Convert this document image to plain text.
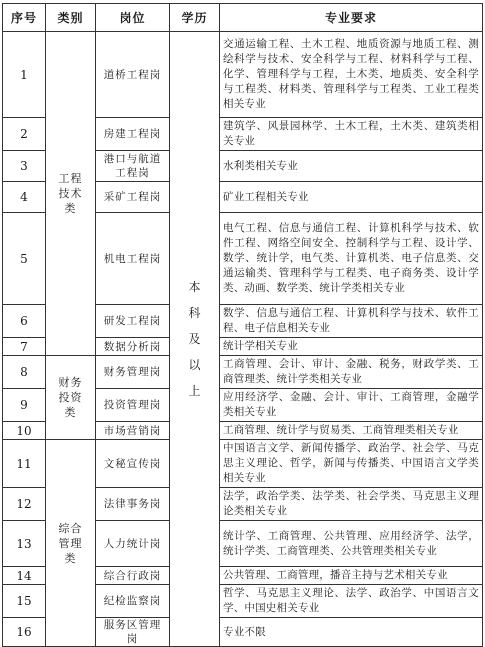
序号	类别	岗位	学历	专业要求
1	工程技术类	道桥工程岗	本科及以上	交通运输工程、土木工程、地质资源与地质工程、测绘科学与技术、安全科学与工程、材料科学与工程、化学、管理科学与工程，土木类、地质类、安全科学与工程类、材料类、管理科学与工程类、工业工程类相关专业
2		房建工程岗		建筑学、风景园林学、土木工程，土木类、建筑类相关专业
3		港口与航道工程岗		水利类相关专业
4		采矿工程岗		矿业工程相关专业
5		机电工程岗		电气工程、信息与通信工程、计算机科学与技术、软件工程、网络空间安全、控制科学与工程、设计学、数学、统计学，电气类、计算机类、电子信息类、交通运输类、管理科学与工程类、电子商务类、设计学类、动画、数学类、统计学类相关专业
6		研发工程岗		数学、信息与通信工程、计算机科学与技术、软件工程、电子信息相关专业
7		数据分析岗		统计学相关专业
8	财务投资类	财务管理岗		工商管理、会计、审计、金融、税务，财政学类、工商管理类、统计学类相关专业
9		投资管理岗		应用经济学、金融、会计、审计、工商管理，金融学类相关专业
10		市场营销岗		工商管理、统计学与贸易类、工商管理类相关专业
11	综合管理类	文秘宣传岗		中国语言文学、新闻传播学、政治学、社会学、马克思主义理论、哲学，新闻与传播类、中国语言文学类相关专业
12		法律事务岗		法学，政治学类、法学类、社会学类、马克思主义理论类相关专业
13		人力统计岗		统计学、工商管理、公共管理、应用经济学、法学，统计学类、工商管理类、公共管理类相关专业
14		综合行政岗		公共管理、工商管理，播音主持与艺术相关专业
15		纪检监察岗		哲学、马克思主义理论、法学、政治学、中国语言文学、中国史相关专业
16		服务区管理岗		专业不限
